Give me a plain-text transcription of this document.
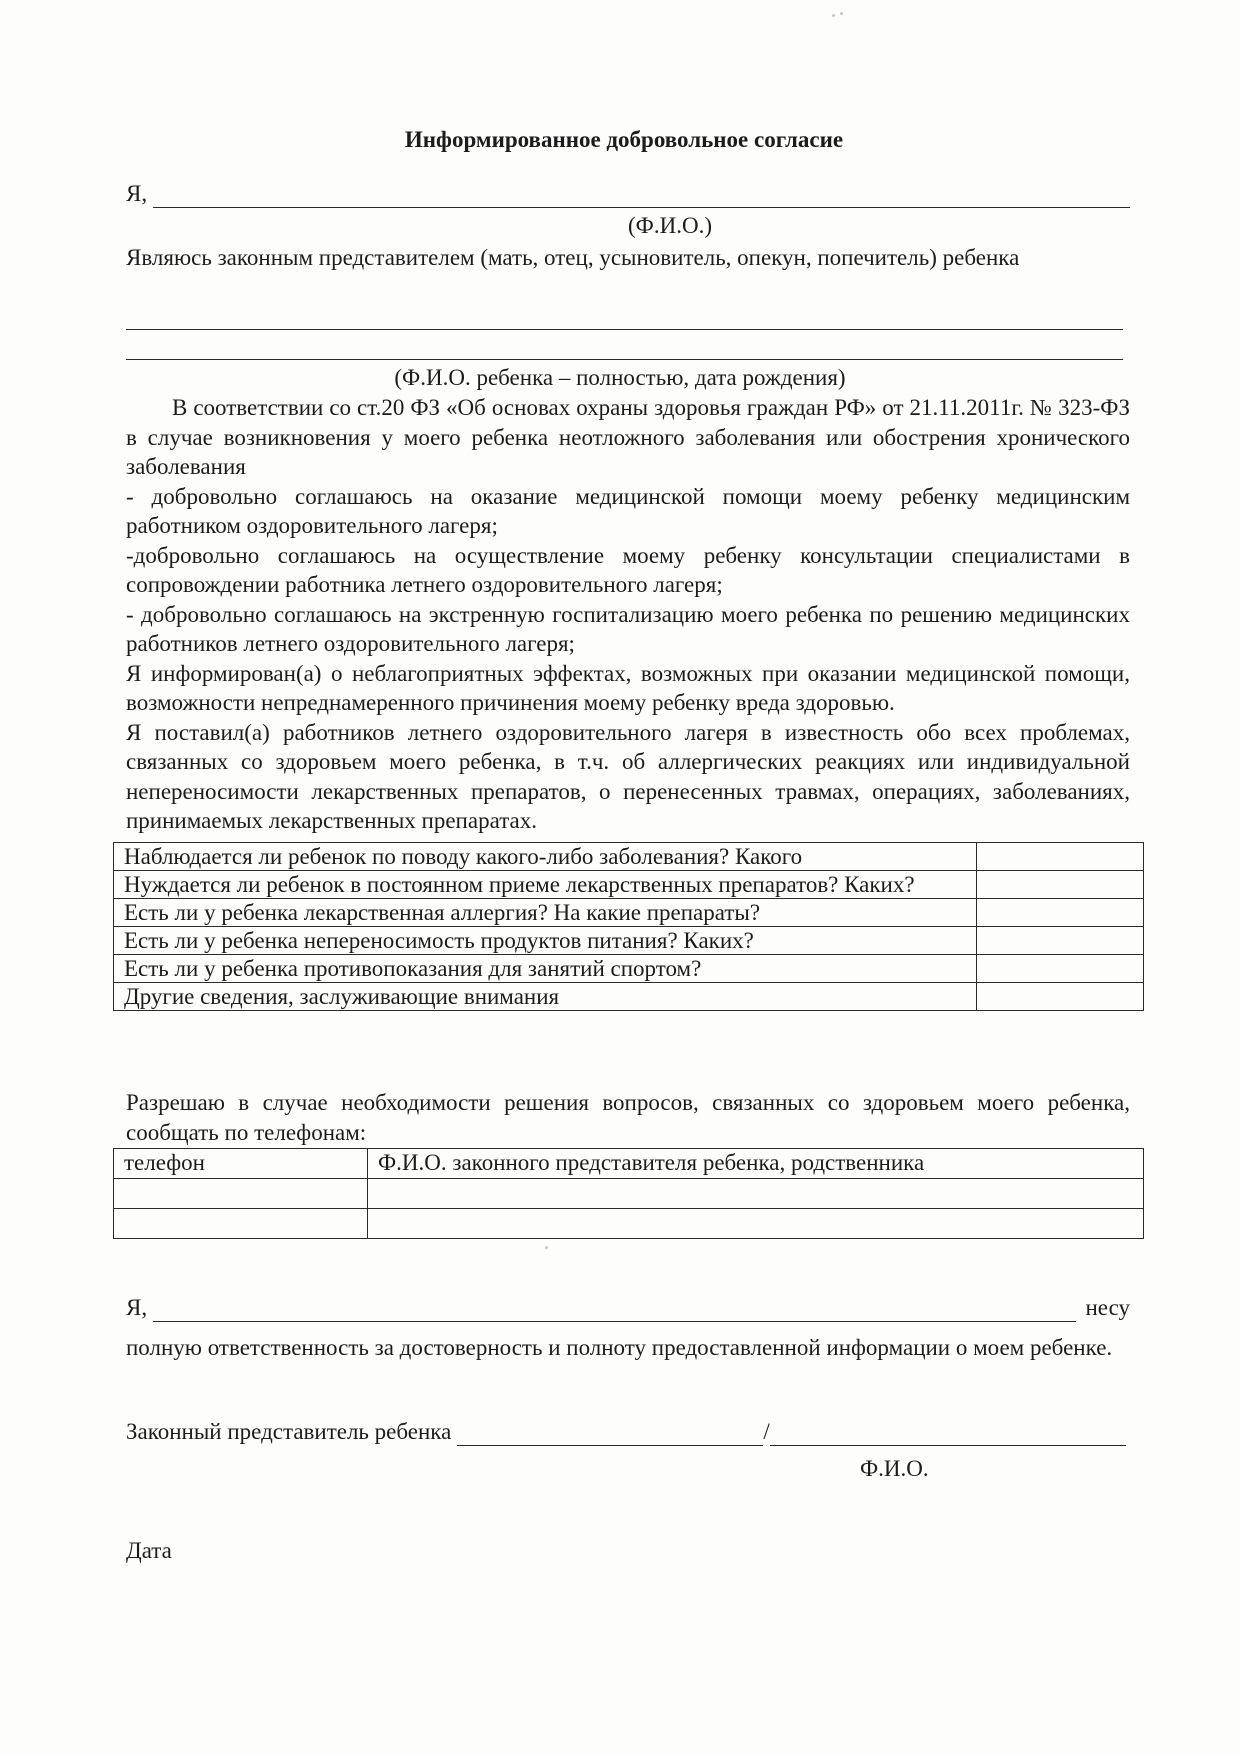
Информированное добровольное согласие
Я,
(Ф.И.О.)

Являюсь законным представителем (мать, отец, усыновитель, опекун, попечитель) ребенка

(Ф.И.О. ребенка – полностью, дата рождения)

В соответствии со ст.20 ФЗ «Об основах охраны здоровья граждан РФ» от 21.11.2011г. № 323-ФЗ в случае возникновения у моего ребенка неотложного заболевания или обострения хронического заболевания

- добровольно соглашаюсь на оказание медицинской помощи моему ребенку медицинским работником оздоровительного лагеря;

-добровольно соглашаюсь на осуществление моему ребенку консультации специалистами в сопровождении работника летнего оздоровительного лагеря;

- добровольно соглашаюсь на экстренную госпитализацию моего ребенка по решению медицинских работников летнего оздоровительного лагеря;

Я информирован(а) о неблагоприятных эффектах, возможных при оказании медицинской помощи, возможности непреднамеренного причинения моему ребенку вреда здоровью.

Я поставил(а) работников летнего оздоровительного лагеря в известность обо всех проблемах, связанных со здоровьем моего ребенка, в т.ч. об аллергических реакциях или индивидуальной непереносимости лекарственных препаратов, о перенесенных травмах, операциях, заболеваниях, принимаемых лекарственных препаратах.

Наблюдается ли ребенок по поводу какого-либо заболевания? Какого	
Нуждается ли ребенок в постоянном приеме лекарственных препаратов? Каких?	
Есть ли у ребенка лекарственная аллергия? На какие препараты?	
Есть ли у ребенка непереносимость продуктов питания? Каких?	
Есть ли у ребенка противопоказания для занятий спортом?	
Другие сведения, заслуживающие внимания	

Разрешаю в случае необходимости решения вопросов, связанных со здоровьем моего ребенка, сообщать по телефонам:

телефон	Ф.И.О. законного представителя ребенка, родственника

Я,	несу

полную ответственность за достоверность и полноту предоставленной информации о моем ребенке.

Законный представитель ребенка	/
Ф.И.О.
Дата
